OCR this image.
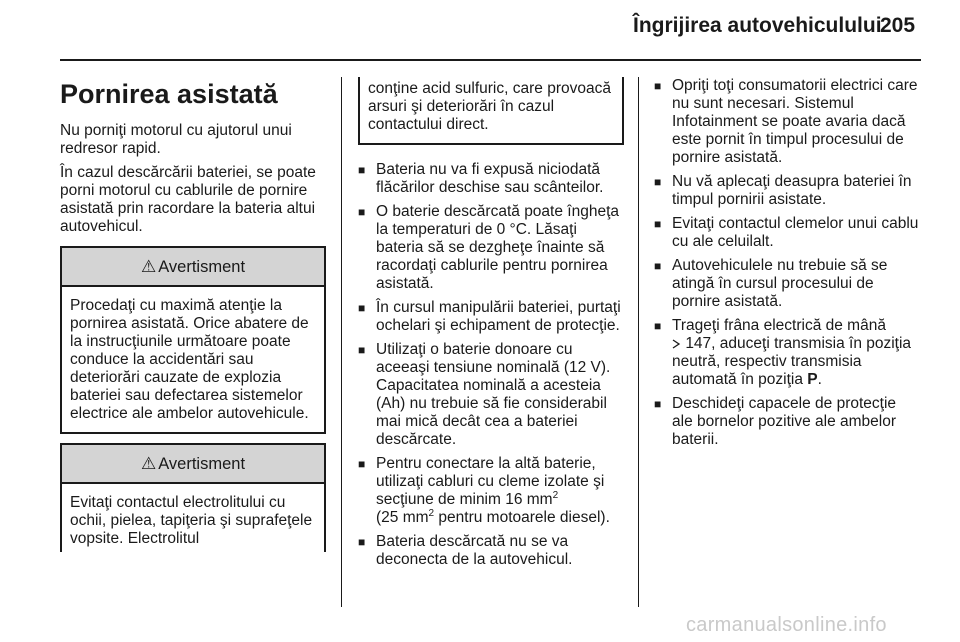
Îngrijirea autovehiculului
205
Pornirea asistată

Nu porniţi motorul cu ajutorul unui redresor rapid.

În cazul descărcării bateriei, se poate porni motorul cu cablurile de pornire asistată prin racordare la bateria altui autovehicul.

⚠ Avertisment
Procedaţi cu maximă atenţie la pornirea asistată. Orice abatere de la instrucţiunile următoare poate conduce la accidentări sau deteriorări cauzate de explozia bateriei sau defectarea sistemelor electrice ale ambelor autovehicule.
⚠ Avertisment
Evitaţi contactul electrolitului cu ochii, pielea, tapiţeria şi suprafeţele vopsite. Electrolitul
conţine acid sulfuric, care provoacă arsuri şi deteriorări în cazul contactului direct.
■ Bateria nu va fi expusă niciodată flăcărilor deschise sau scânteilor.
■ O baterie descărcată poate îngheţa la temperaturi de 0 °C. Lăsaţi bateria să se dezgheţe înainte să racordaţi cablurile pentru pornirea asistată.
■ În cursul manipulării bateriei, purtaţi ochelari şi echipament de protecţie.
■ Utilizaţi o baterie donoare cu aceeaşi tensiune nominală (12 V). Capacitatea nominală a acesteia (Ah) nu trebuie să fie considerabil mai mică decât cea a bateriei descărcate.
■ Pentru conectare la altă baterie, utilizaţi cabluri cu cleme izolate şi secţiune de minim 16 $mm^2$
(25 $mm^2$ pentru motoarele diesel).
■ Bateria descărcată nu se va deconecta de la autovehicul.
■ Opriţi toţi consumatorii electrici care nu sunt necesari. Sistemul Infotainment se poate avaria dacă este pornit în timpul procesului de pornire asistată.
■ Nu vă aplecaţi deasupra bateriei în timpul pornirii asistate.
■ Evitaţi contactul clemelor unui cablu cu ale celuilalt.
■ Autovehiculele nu trebuie să se atingă în cursul procesului de pornire asistată.
■ Trageţi frâna electrică de mână
147, aduceţi transmisia în poziţia neutră, respectiv transmisia automată în poziţia P.
■ Deschideţi capacele de protecţie ale bornelor pozitive ale ambelor baterii.
carmanualsonline.info
